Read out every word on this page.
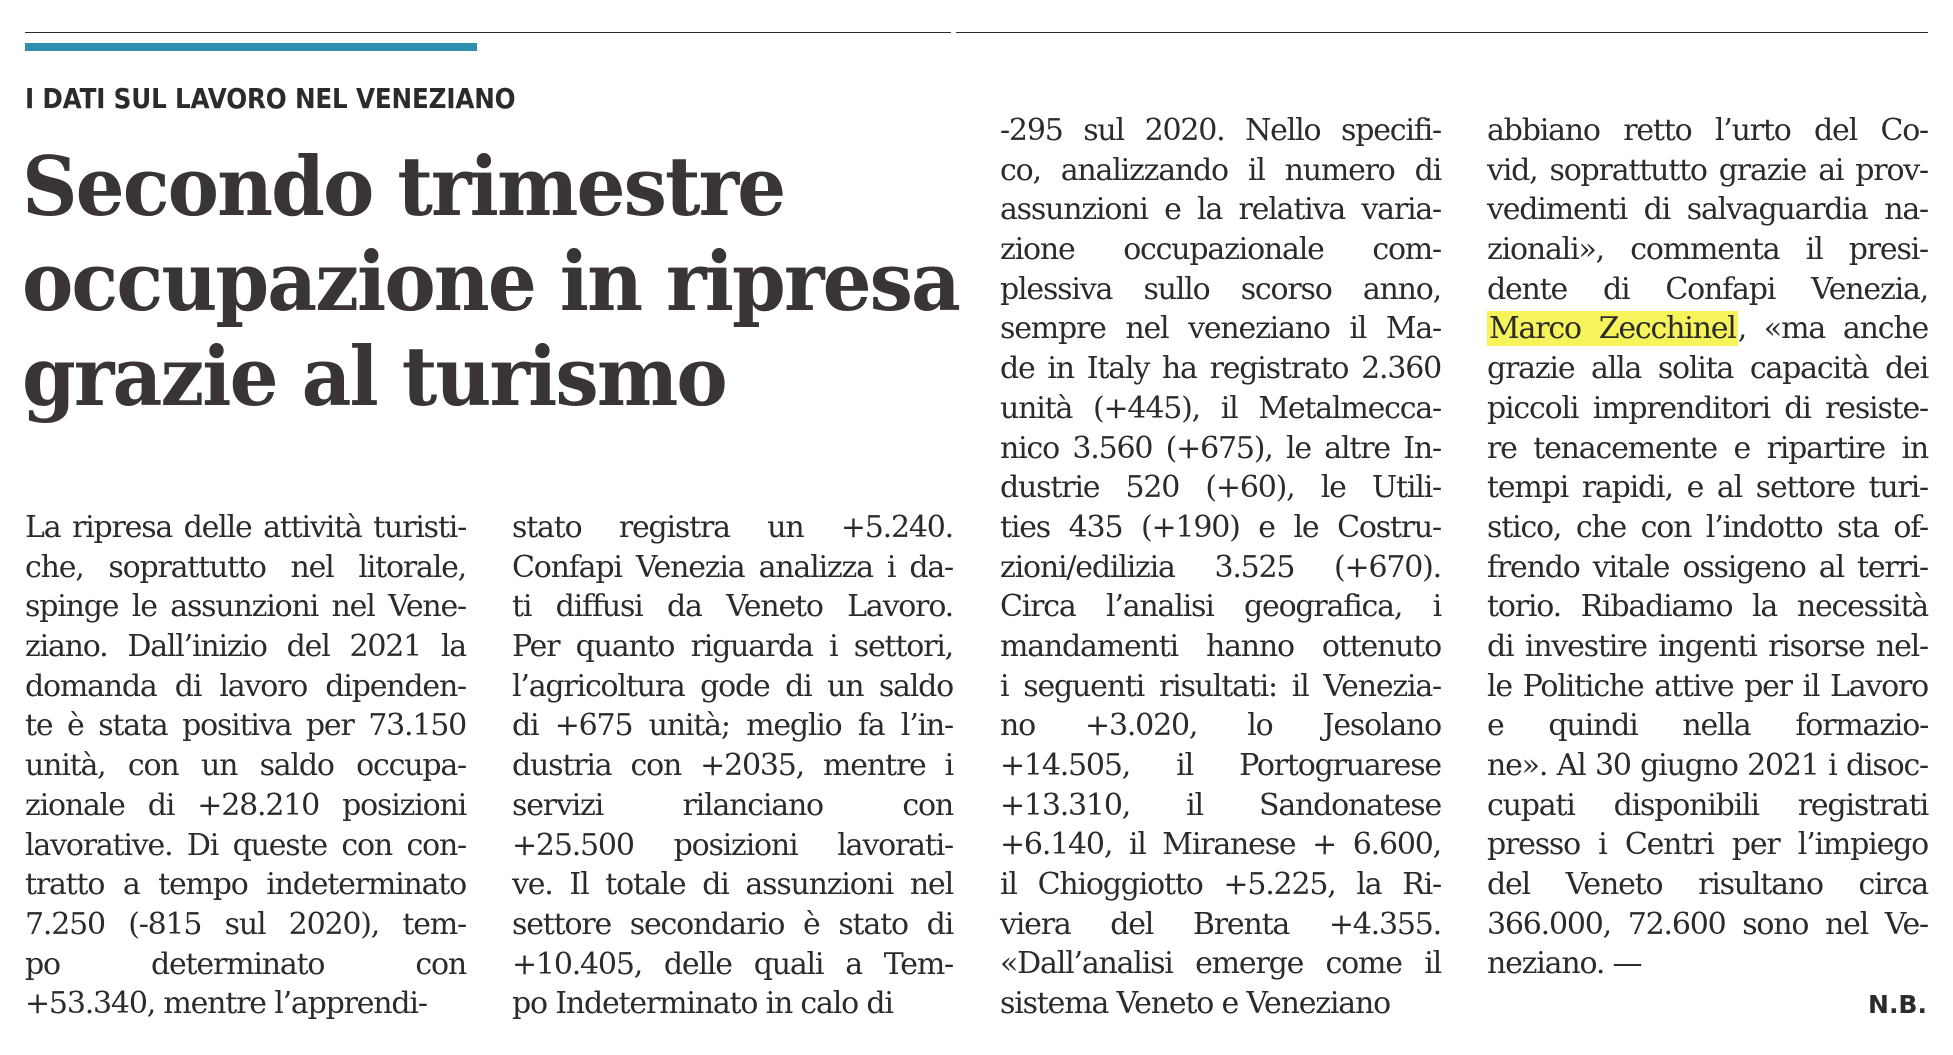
I DATI SUL LAVORO NEL VENEZIANO
Secondo trimestre
occupazione in ripresa
grazie al turismo
La ripresa delle attività turisti-
che, soprattutto nel litorale,
spinge le assunzioni nel Vene-
ziano. Dall’inizio del 2021 la
domanda di lavoro dipenden-
te è stata positiva per 73.150
unità, con un saldo occupa-
zionale di +28.210 posizioni
lavorative. Di queste con con-
tratto a tempo indeterminato
7.250 (-815 sul 2020), tem-
po determinato con
+53.340, mentre l’apprendi-
stato registra un +5.240.
Confapi Venezia analizza i da-
ti diffusi da Veneto Lavoro.
Per quanto riguarda i settori,
l’agricoltura gode di un saldo
di +675 unità; meglio fa l’in-
dustria con +2035, mentre i
servizi rilanciano con
+25.500 posizioni lavorati-
ve. Il totale di assunzioni nel
settore secondario è stato di
+10.405, delle quali a Tem-
po Indeterminato in calo di
-295 sul 2020. Nello specifi-
co, analizzando il numero di
assunzioni e la relativa varia-
zione occupazionale com-
plessiva sullo scorso anno,
sempre nel veneziano il Ma-
de in Italy ha registrato 2.360
unità (+445), il Metalmecca-
nico 3.560 (+675), le altre In-
dustrie 520 (+60), le Utili-
ties 435 (+190) e le Costru-
zioni/edilizia 3.525 (+670).
Circa l’analisi geografica, i
mandamenti hanno ottenuto
i seguenti risultati: il Venezia-
no +3.020, lo Jesolano
+14.505, il Portogruarese
+13.310, il Sandonatese
+6.140, il Miranese + 6.600,
il Chioggiotto +5.225, la Ri-
viera del Brenta +4.355.
«Dall’analisi emerge come il
sistema Veneto e Veneziano
abbiano retto l’urto del Co-
vid, soprattutto grazie ai prov-
vedimenti di salvaguardia na-
zionali», commenta il presi-
dente di Confapi Venezia,
Marco Zecchinel, «ma anche
grazie alla solita capacità dei
piccoli imprenditori di resiste-
re tenacemente e ripartire in
tempi rapidi, e al settore turi-
stico, che con l’indotto sta of-
frendo vitale ossigeno al terri-
torio. Ribadiamo la necessità
di investire ingenti risorse nel-
le Politiche attive per il Lavoro
e quindi nella formazio-
ne». Al 30 giugno 2021 i disoc-
cupati disponibili registrati
presso i Centri per l’impiego
del Veneto risultano circa
366.000, 72.600 sono nel Ve-
neziano. —
N.B.
